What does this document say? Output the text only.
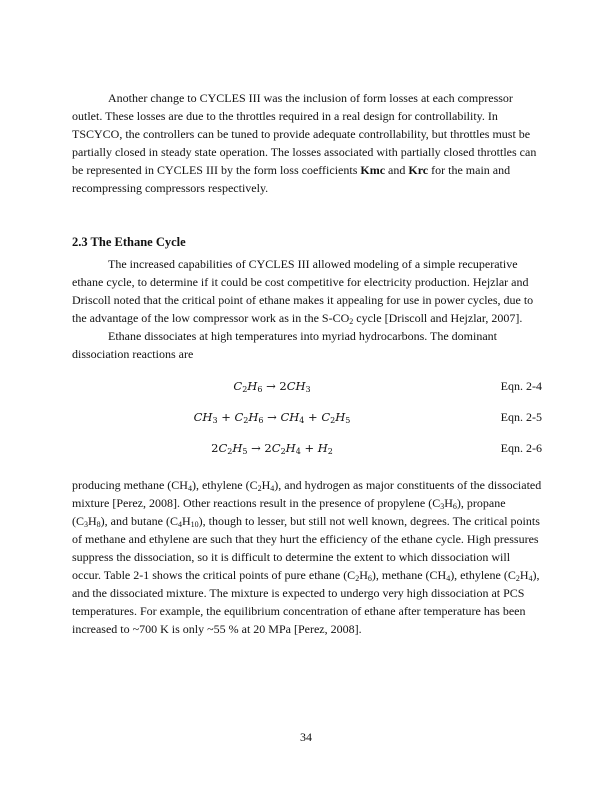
Another change to CYCLES III was the inclusion of form losses at each compressor outlet. These losses are due to the throttles required in a real design for controllability. In TSCYCO, the controllers can be tuned to provide adequate controllability, but throttles must be partially closed in steady state operation. The losses associated with partially closed throttles can be represented in CYCLES III by the form loss coefficients Kmc and Krc for the main and recompressing compressors respectively.

2.3 The Ethane Cycle

The increased capabilities of CYCLES III allowed modeling of a simple recuperative ethane cycle, to determine if it could be cost competitive for electricity production. Hejzlar and Driscoll noted that the critical point of ethane makes it appealing for use in power cycles, due to the advantage of the low compressor work as in the $S-CO_2$ cycle [Driscoll and Hejzlar, 2007].

Ethane dissociates at high temperatures into myriad hydrocarbons. The dominant dissociation reactions are

$C_2H_6 \to 2CH_3$	Eqn. 2-4
$CH_3 + C_2H_6 \to CH_4 + C_2H_5$	Eqn. 2-5
$2C_2H_5 \to 2C_2H_4 + H_2$	Eqn. 2-6

producing methane $(CH_4)$, ethylene $(C_2H_4)$, and hydrogen as major constituents of the dissociated mixture [Perez, 2008]. Other reactions result in the presence of propylene $(C_3H_6)$, propane $(C_3H_8)$, and butane $(C_4H_{10})$, though to lesser, but still not well known, degrees. The critical points of methane and ethylene are such that they hurt the efficiency of the ethane cycle. High pressures suppress the dissociation, so it is difficult to determine the extent to which dissociation will occur. Table 2-1 shows the critical points of pure ethane $(C_2H_6)$, methane $(CH_4)$, ethylene $(C_2H_4)$, and the dissociated mixture. The mixture is expected to undergo very high dissociation at PCS temperatures. For example, the equilibrium concentration of ethane after temperature has been increased to ~700 K is only ~55 % at 20 MPa [Perez, 2008].

34
